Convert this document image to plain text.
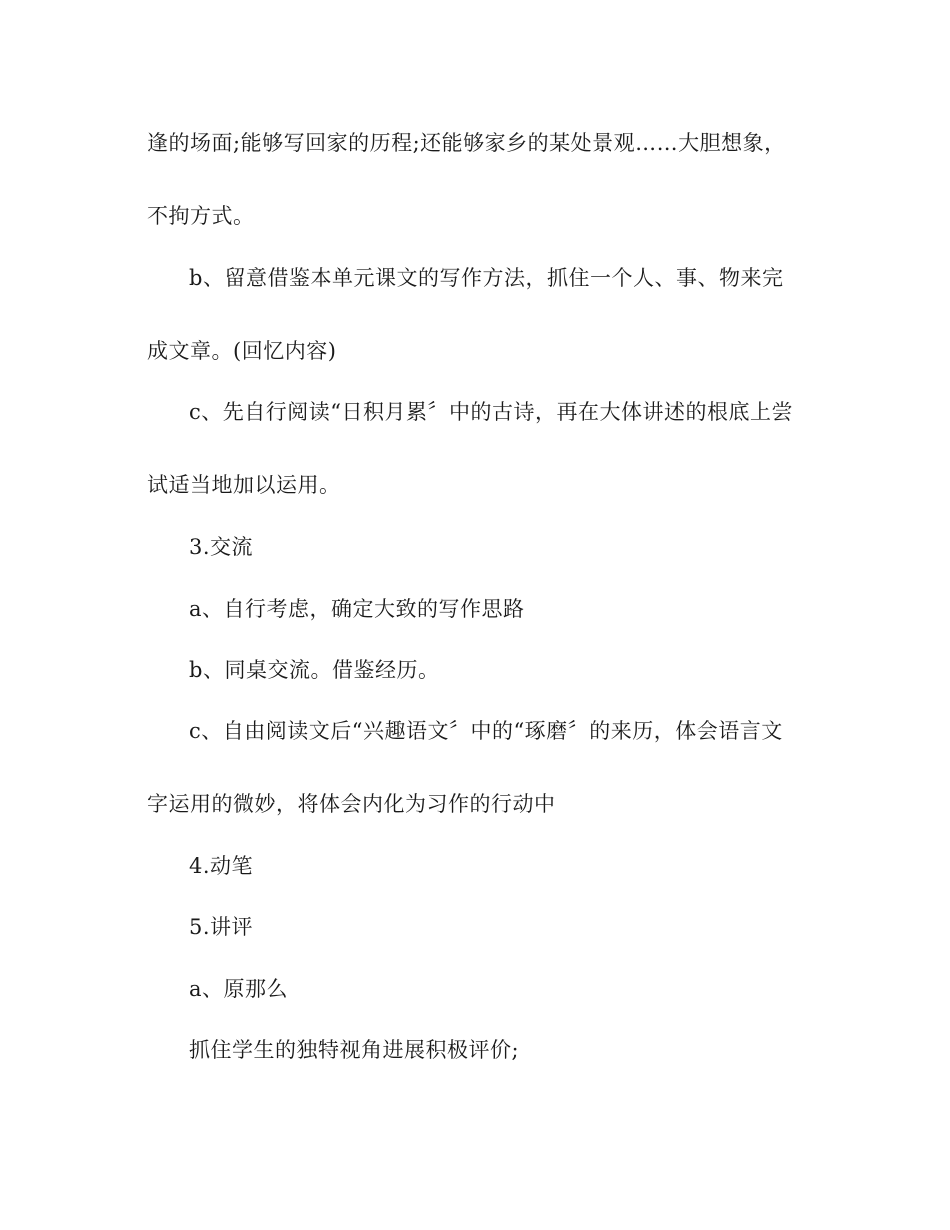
逢的场面;能够写回家的历程;还能够家乡的某处景观……大胆想象，
不拘方式。
b、留意借鉴本单元课文的写作方法，抓住一个人、事、物来完
成文章。(回忆内容)
c、先自行阅读“日积月累〞中的古诗，再在大体讲述的根底上尝
试适当地加以运用。
3.交流
a、自行考虑，确定大致的写作思路
b、同桌交流。借鉴经历。
c、自由阅读文后“兴趣语文〞中的“琢磨〞的来历，体会语言文
字运用的微妙，将体会内化为习作的行动中
4.动笔
5.讲评
a、原那么
抓住学生的独特视角进展积极评价;
